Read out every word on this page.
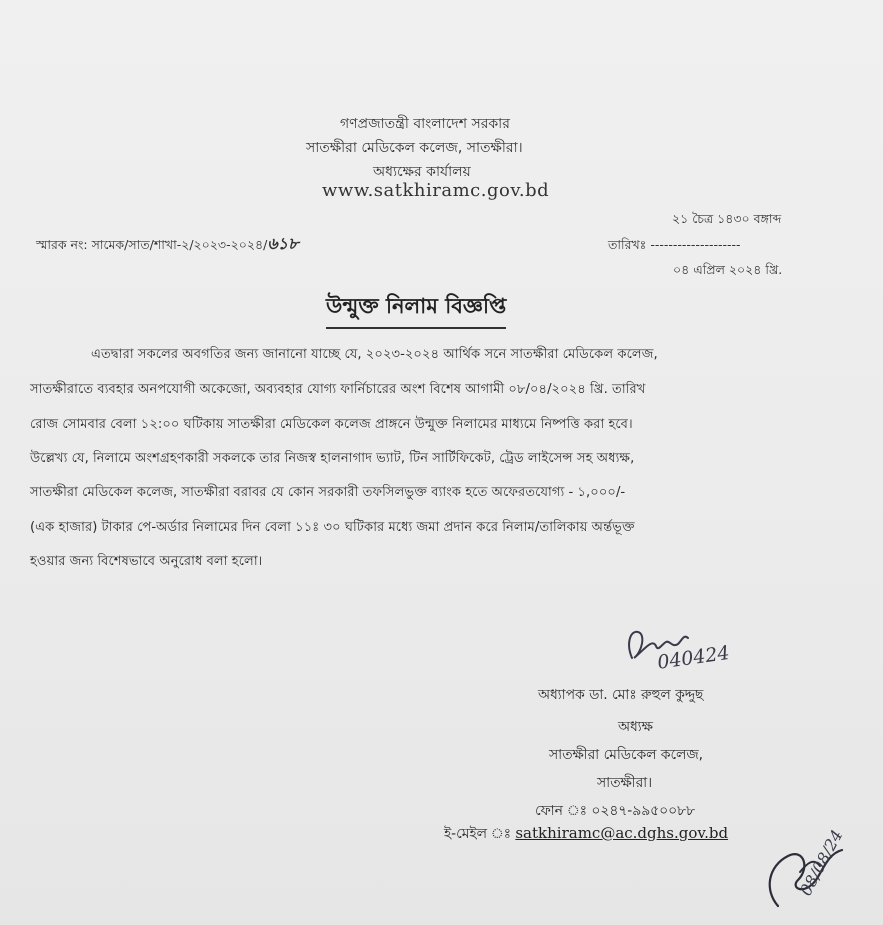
গণপ্রজাতন্ত্রী বাংলাদেশ সরকার
সাতক্ষীরা মেডিকেল কলেজ, সাতক্ষীরা।
অধ্যক্ষের কার্যালয়
www.satkhiramc.gov.bd
২১ চৈত্র ১৪৩০ বঙ্গাব্দ
স্মারক নং: সামেক/সাত/শাখা-২/২০২৩-২০২৪/৬১৮	তারিখঃ --------------------
০৪ এপ্রিল ২০২৪ খ্রি.
উন্মুক্ত নিলাম বিজ্ঞপ্তি
এতদ্বারা সকলের অবগতির জন্য জানানো যাচ্ছে যে, ২০২৩-২০২৪ আর্থিক সনে সাতক্ষীরা মেডিকেল কলেজ,
সাতক্ষীরাতে ব্যবহার অনপযোগী অকেজো, অব্যবহার যোগ্য ফার্নিচারের অংশ বিশেষ আগামী ০৮/০৪/২০২৪ খ্রি. তারিখ
রোজ সোমবার বেলা ১২:০০ ঘটিকায় সাতক্ষীরা মেডিকেল কলেজ প্রাঙ্গনে উন্মুক্ত নিলামের মাধ্যমে নিষ্পত্তি করা হবে।
উল্লেখ্য যে, নিলামে অংশগ্রহণকারী সকলকে তার নিজস্ব হালনাগাদ ভ্যাট, টিন সার্টিফিকেট, ট্রেড লাইসেন্স সহ অধ্যক্ষ,
সাতক্ষীরা মেডিকেল কলেজ, সাতক্ষীরা বরাবর যে কোন সরকারী তফসিলভুক্ত ব্যাংক হতে অফেরতযোগ্য - ১,০০০/-
(এক হাজার) টাকার পে-অর্ডার নিলামের দিন বেলা ১১ঃ ৩০ ঘটিকার মধ্যে জমা প্রদান করে নিলাম/তালিকায় অর্ন্তভূক্ত
হওয়ার জন্য বিশেষভাবে অনুরোধ বলা হলো।
040424
অধ্যাপক ডা. মোঃ রুহুল কুদ্দুছ
অধ্যক্ষ
সাতক্ষীরা মেডিকেল কলেজ,
সাতক্ষীরা।
ফোন ঃ ০২৪৭-৯৯৫০০৮৮
ই-মেইল ঃ satkhiramc@ac.dghs.gov.bd	08/08/24
